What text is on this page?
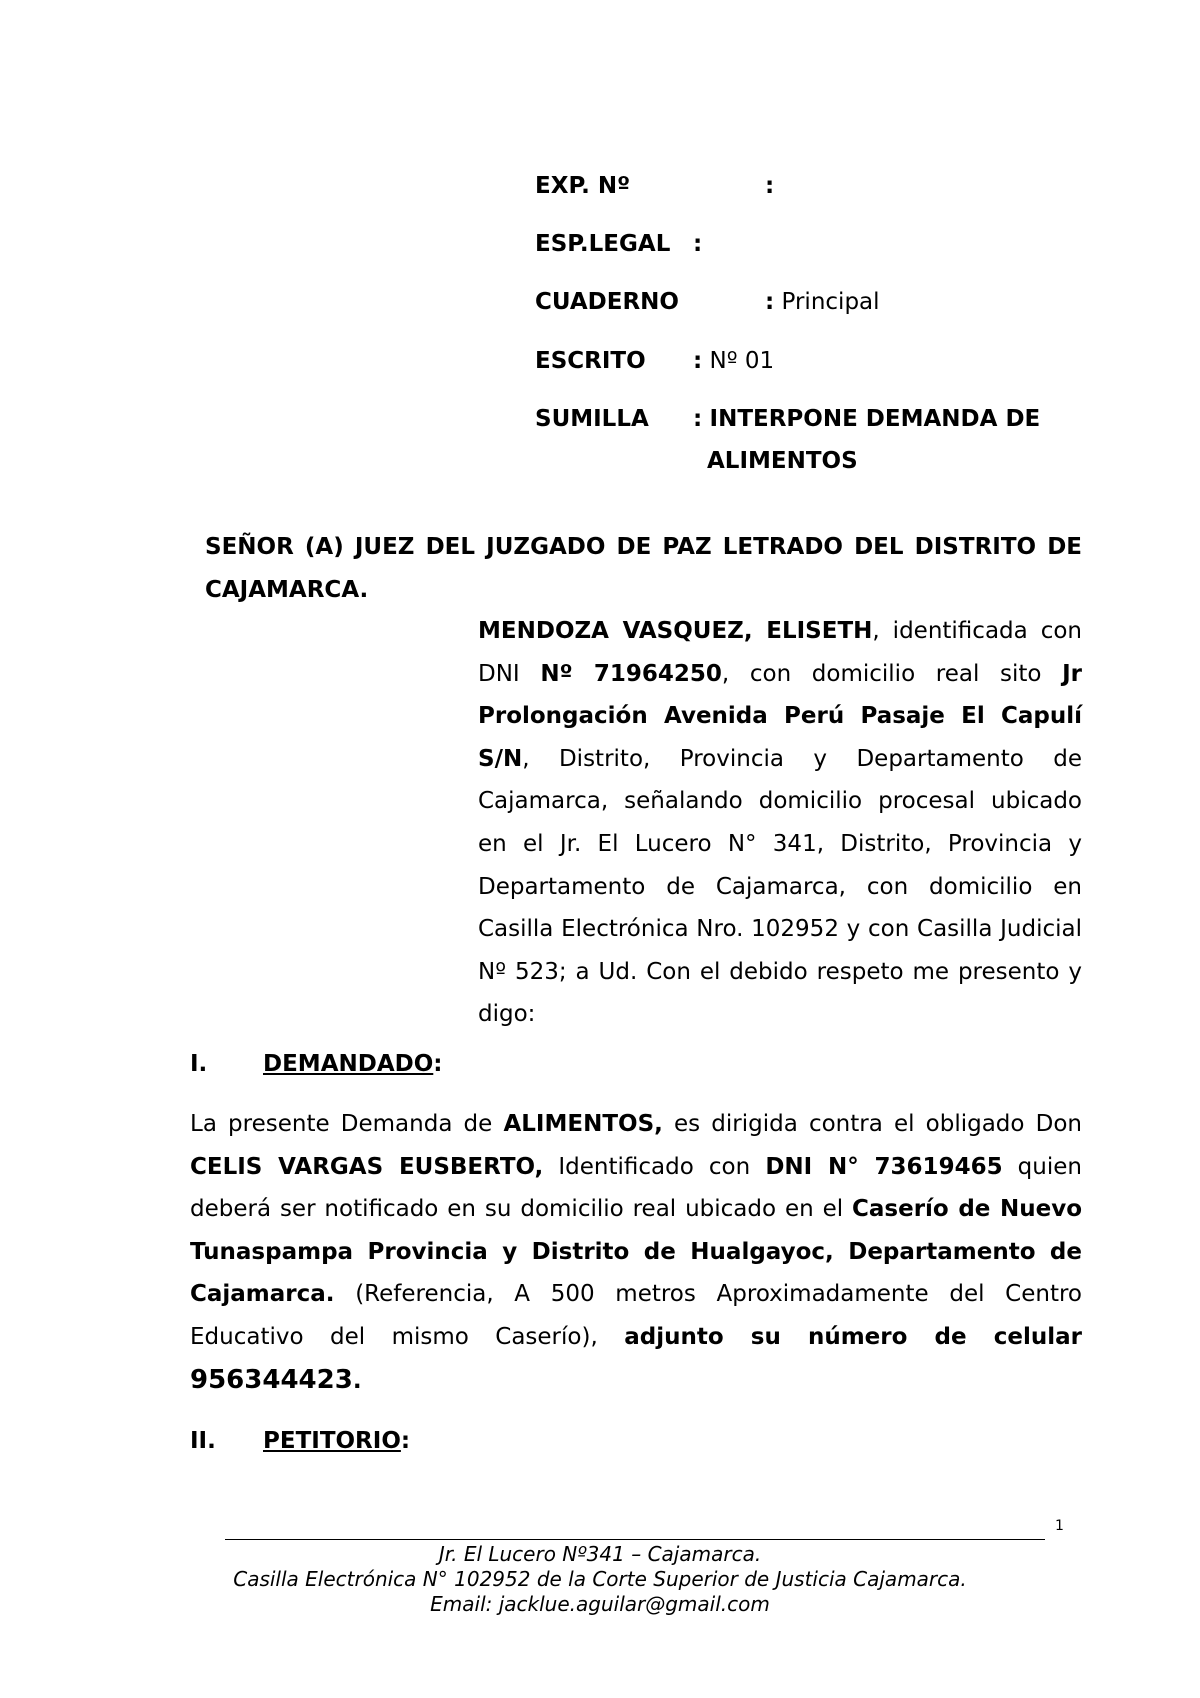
EXP. Nº	:
ESP.LEGAL :
CUADERNO	: Principal
ESCRITO : Nº 01
SUMILLA : INTERPONE DEMANDA DE
ALIMENTOS
SEÑOR (A) JUEZ DEL JUZGADO DE PAZ LETRADO DEL DISTRITO DE CAJAMARCA.
MENDOZA VASQUEZ, ELISETH, identificada con DNI Nº 71964250, con domicilio real sito Jr Prolongación Avenida Perú Pasaje El Capulí S/N, Distrito, Provincia y Departamento de Cajamarca, señalando domicilio procesal ubicado en el Jr. El Lucero N° 341, Distrito, Provincia y Departamento de Cajamarca, con domicilio en Casilla Electrónica Nro. 102952 y con Casilla Judicial Nº 523; a Ud. Con el debido respeto me presento y digo:
I. DEMANDADO:
La presente Demanda de ALIMENTOS, es dirigida contra el obligado Don CELIS VARGAS EUSBERTO, Identificado con DNI N° 73619465 quien deberá ser notificado en su domicilio real ubicado en el Caserío de Nuevo Tunaspampa Provincia y Distrito de Hualgayoc, Departamento de Cajamarca. (Referencia, A 500 metros Aproximadamente del Centro Educativo del mismo Caserío), adjunto su número de celular 956344423.
II. PETITORIO:
1
Jr. El Lucero Nº341 – Cajamarca.
Casilla Electrónica N° 102952 de la Corte Superior de Justicia Cajamarca.
Email: jacklue.aguilar@gmail.com
